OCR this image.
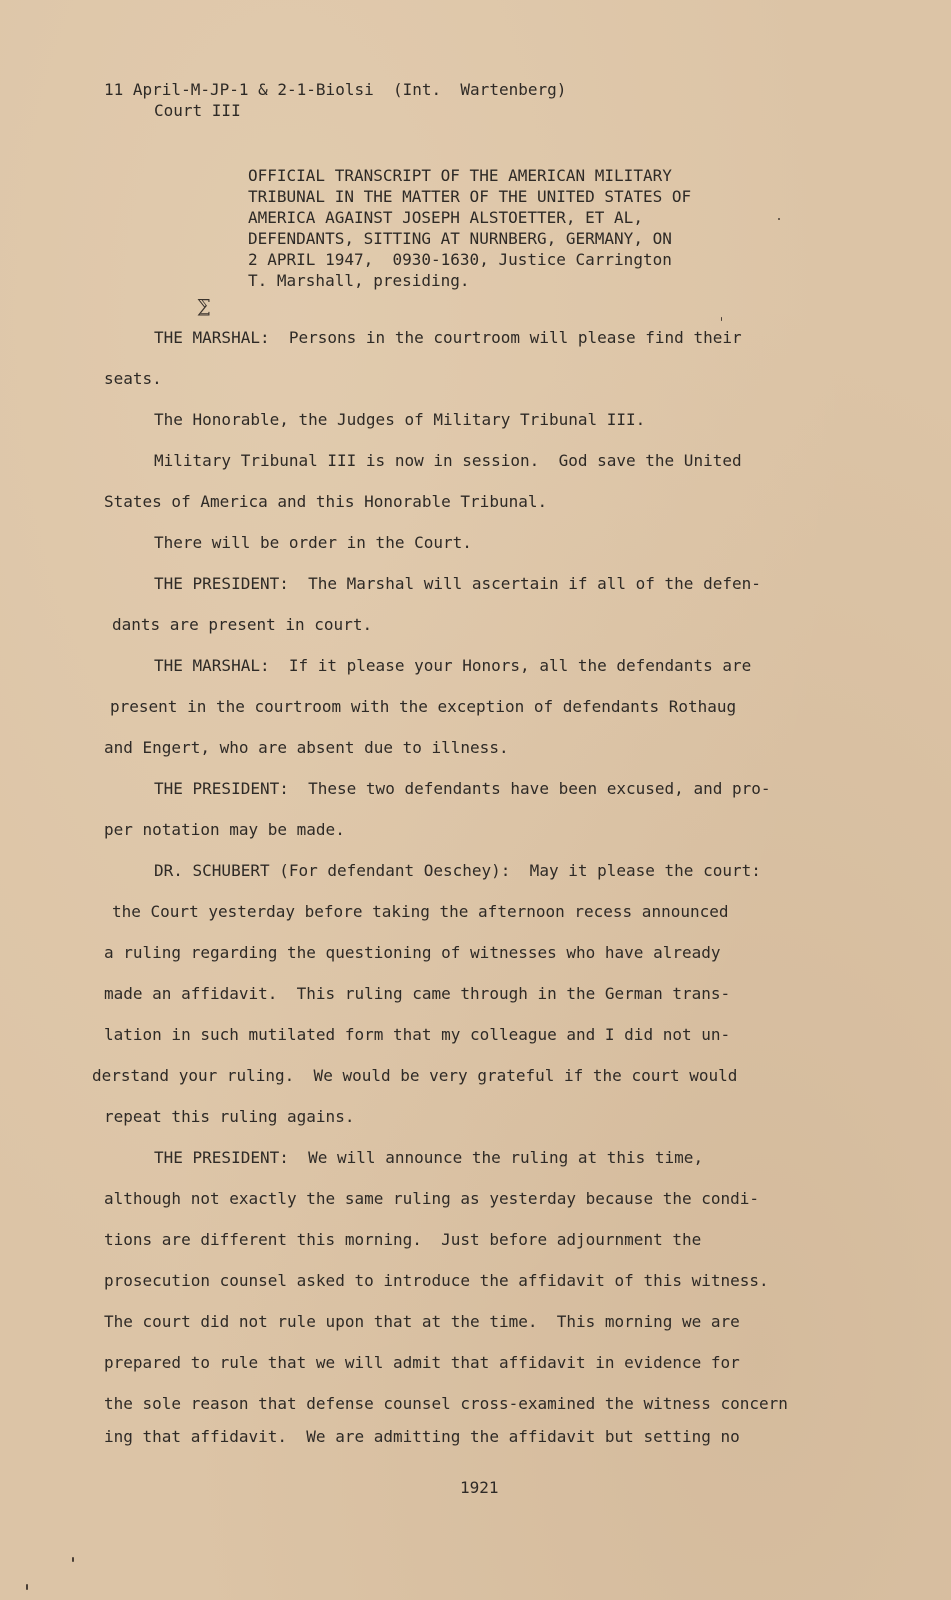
11 April-M-JP-1 & 2-1-Biolsi  (Int.  Wartenberg)

Court III

OFFICIAL TRANSCRIPT OF THE AMERICAN MILITARY

TRIBUNAL IN THE MATTER OF THE UNITED STATES OF

AMERICA AGAINST JOSEPH ALSTOETTER, ET AL,

DEFENDANTS, SITTING AT NURNBERG, GERMANY, ON

2 APRIL 1947,  0930-1630, Justice Carrington

T. Marshall, presiding.

⅀

THE MARSHAL:  Persons in the courtroom will please find their

seats.

The Honorable, the Judges of Military Tribunal III.

Military Tribunal III is now in session.  God save the United

States of America and this Honorable Tribunal.

There will be order in the Court.

THE PRESIDENT:  The Marshal will ascertain if all of the defen-

dants are present in court.

THE MARSHAL:  If it please your Honors, all the defendants are

present in the courtroom with the exception of defendants Rothaug

and Engert, who are absent due to illness.

THE PRESIDENT:  These two defendants have been excused, and pro-

per notation may be made.

DR. SCHUBERT (For defendant Oeschey):  May it please the court:

the Court yesterday before taking the afternoon recess announced

a ruling regarding the questioning of witnesses who have already

made an affidavit.  This ruling came through in the German trans-

lation in such mutilated form that my colleague and I did not un-

derstand your ruling.  We would be very grateful if the court would

repeat this ruling agains.

THE PRESIDENT:  We will announce the ruling at this time,

although not exactly the same ruling as yesterday because the condi-

tions are different this morning.  Just before adjournment the

prosecution counsel asked to introduce the affidavit of this witness.

The court did not rule upon that at the time.  This morning we are

prepared to rule that we will admit that affidavit in evidence for

the sole reason that defense counsel cross-examined the witness concern

ing that affidavit.  We are admitting the affidavit but setting no

1921
